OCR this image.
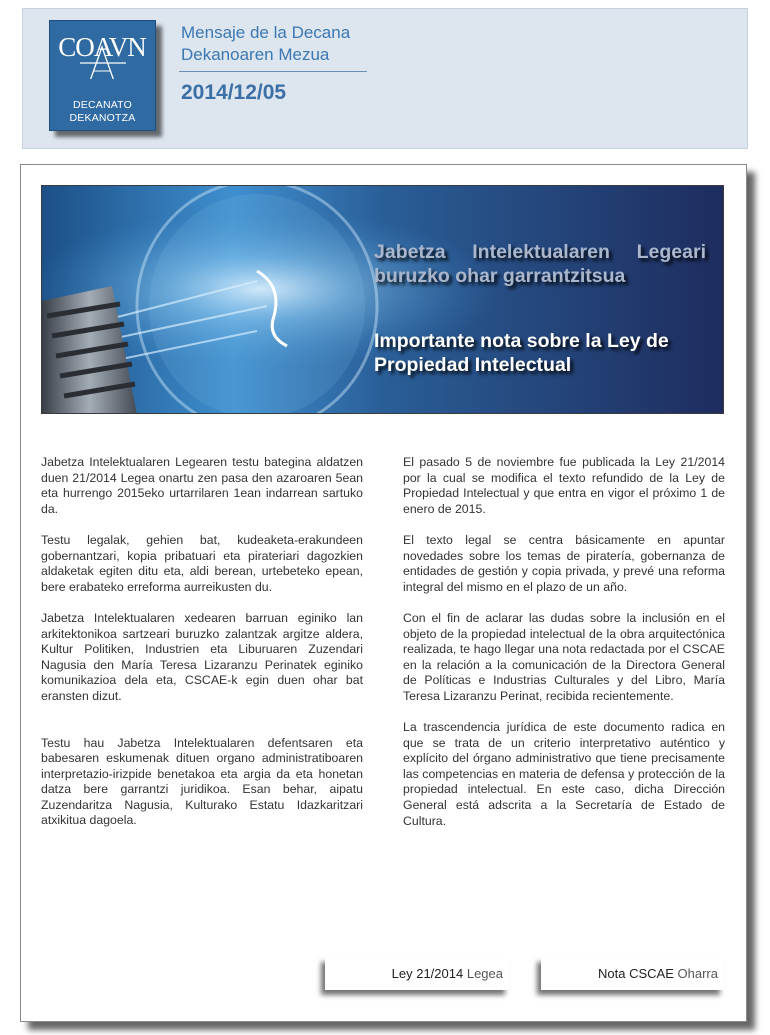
COAVN
DECANATO
DEKANOTZA
Mensaje de la Decana
Dekanoaren Mezua
2014/12/05
Jabetza Intelektualaren Legeari buruzko ohar garrantzitsua
Importante nota sobre la Ley de Propiedad Intelectual

Jabetza Intelektualaren Legearen testu bategina aldatzen duen 21/2014 Legea onartu zen pasa den azaroaren 5ean eta hurrengo 2015eko urtarrilaren 1ean indarrean sartuko da.

Testu legalak, gehien bat, kudeaketa-erakundeen gobernantzari, kopia pribatuari eta pirateriari dagozkien aldaketak egiten ditu eta, aldi berean, urtebeteko epean, bere erabateko erreforma aurreikusten du.

Jabetza Intelektualaren xedearen barruan eginiko lan arkitektonikoa sartzeari buruzko zalantzak argitze aldera, Kultur Politiken, Industrien eta Liburuaren Zuzendari Nagusia den María Teresa Lizaranzu Perinatek eginiko komunikazioa dela eta, CSCAE-k egin duen ohar bat eransten dizut.

Testu hau Jabetza Intelektualaren defentsaren eta babesaren eskumenak dituen organo administratiboaren interpretazio-irizpide benetakoa eta argia da eta honetan datza bere garrantzi juridikoa. Esan behar, aipatu Zuzendaritza Nagusia, Kulturako Estatu Idazkaritzari atxikitua dagoela.

El pasado 5 de noviembre fue publicada la Ley 21/2014 por la cual se modifica el texto refundido de la Ley de Propiedad Intelectual y que entra en vigor el próximo 1 de enero de 2015.

El texto legal se centra básicamente en apuntar novedades sobre los temas de piratería, gobernanza de entidades de gestión y copia privada, y prevé una reforma integral del mismo en el plazo de un año.

Con el fin de aclarar las dudas sobre la inclusión en el objeto de la propiedad intelectual de la obra arquitectónica realizada, te hago llegar una nota redactada por el CSCAE en la relación a la comunicación de la Directora General de Políticas e Industrias Culturales y del Libro, María Teresa Lizaranzu Perinat, recibida recientemente.

La trascendencia jurídica de este documento radica en que se trata de un criterio interpretativo auténtico y explícito del órgano administrativo que tiene precisamente las competencias en materia de defensa y protección de la propiedad intelectual. En este caso, dicha Dirección General está adscrita a la Secretaría de Estado de Cultura.

Ley 21/2014 Legea	Nota CSCAE Oharra
